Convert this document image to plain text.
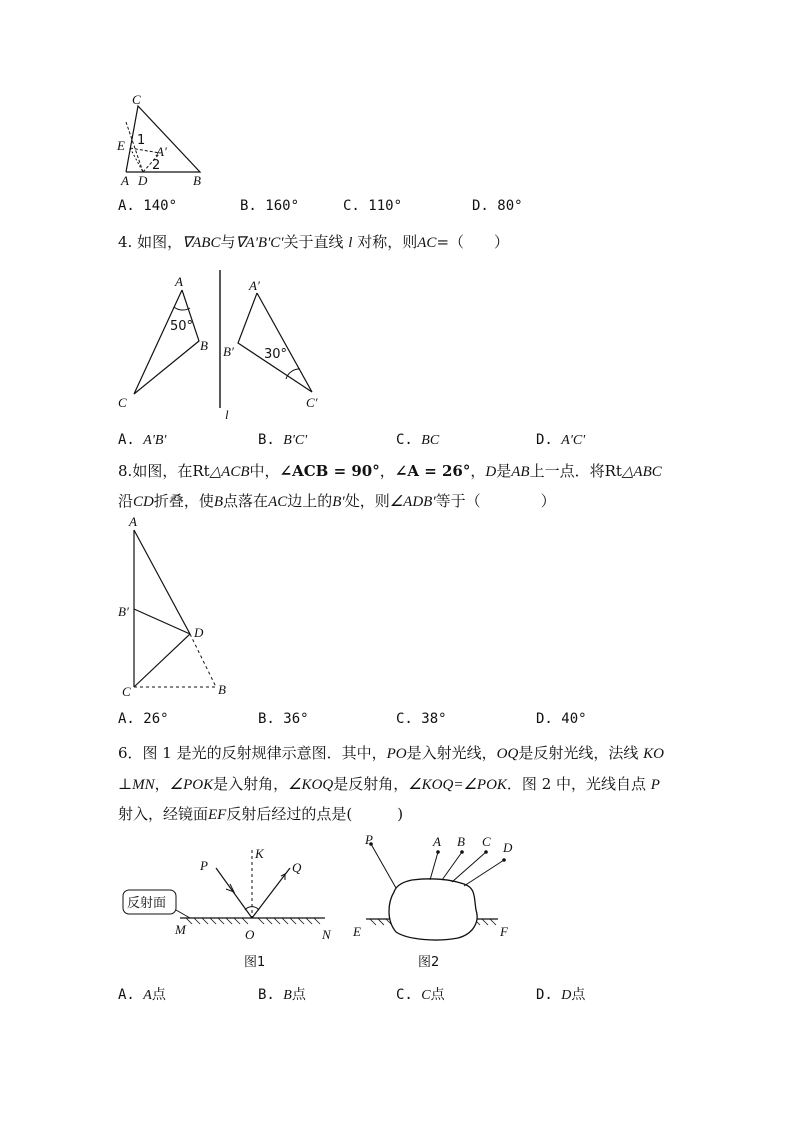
C
E 1
A′
2
A D	B
A. 140°	B. 160°	C. 110°	D. 80°
4. 如图，∇ABC与∇A'B'C'关于直线 l 对称，则AC=（　　）
A
50°
B
C
A′
B′ 30°
C′
l
A. A'B'	B. B'C'	C. BC	D. A'C'
8.如图，在Rt△ACB中，∠ACB = 90°，∠A = 26°，D是AB上一点．将Rt△ABC
沿CD折叠，使B点落在AC边上的B′处，则∠ADB′等于（　　　　）
A
B′
D
C	B
A. 26°	B. 36°	C. 38°	D. 40°
6．图 1 是光的反射规律示意图．其中，PO是入射光线，OQ是反射光线，法线 KO
⊥MN，∠POK是入射角，∠KOQ是反射角，∠KOQ=∠POK．图 2 中，光线自点 P
射入，经镜面EF反射后经过的点是(　　　)
反射面
P
K
Q
M	O	N
图1
P	A B C D
E	F
图2
A. A点	B. B点	C. C点	D. D点
